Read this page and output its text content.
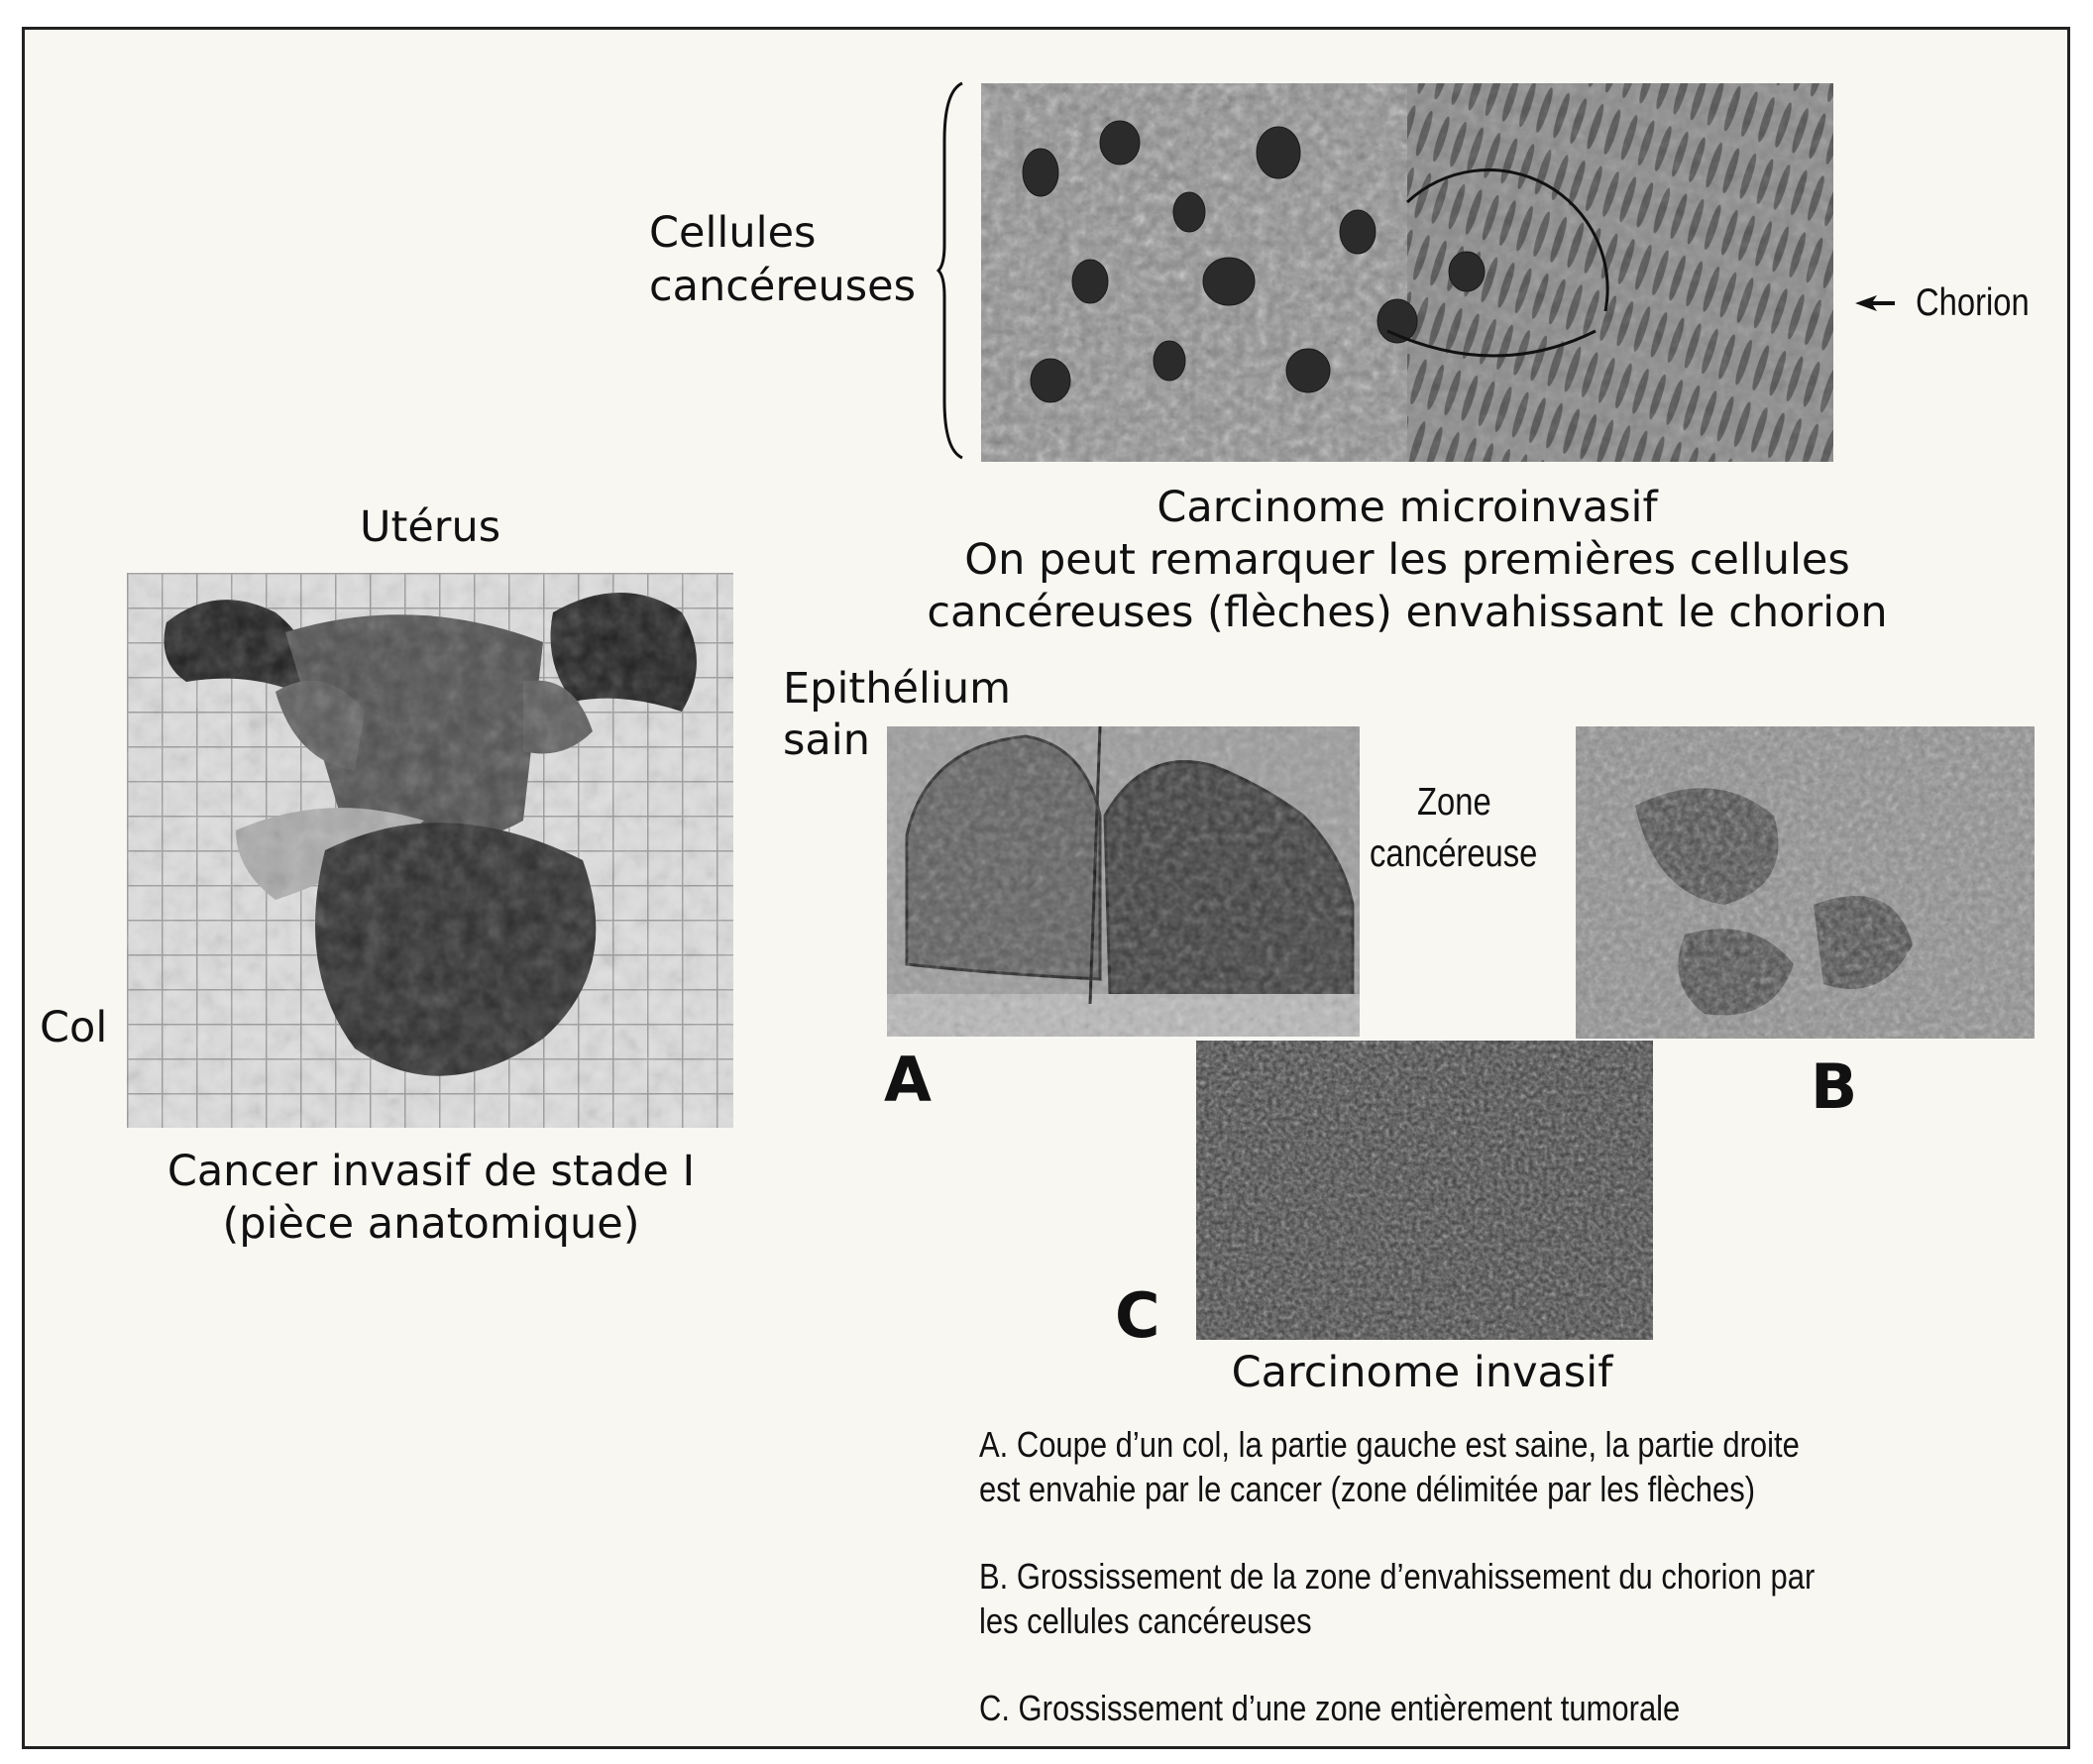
Cellules
cancéreuses	Chorion
Carcinome microinvasif
On peut remarquer les premières cellules
cancéreuses (flèches) envahissant le chorion
Utérus
Col
Cancer invasif de stade I
(pièce anatomique)
Epithélium
sain
Zone
cancéreuse
A	B
C
Carcinome invasif
A. Coupe d’un col, la partie gauche est saine, la partie droite
est envahie par le cancer (zone délimitée par les flèches)
B. Grossissement de la zone d’envahissement du chorion par
les cellules cancéreuses
C. Grossissement d’une zone entièrement tumorale
